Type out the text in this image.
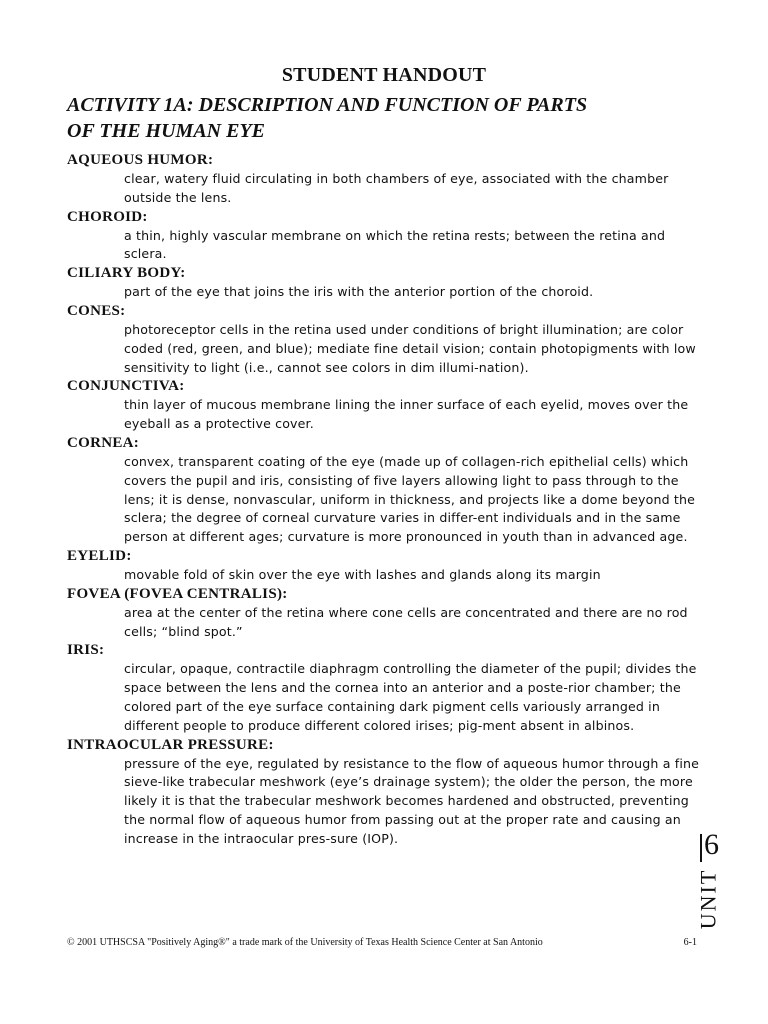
STUDENT HANDOUT
ACTIVITY 1A: DESCRIPTION AND FUNCTION OF PARTS
OF THE HUMAN EYE

AQUEOUS HUMOR:

clear, watery fluid circulating in both chambers of eye, associated with the chamber outside the lens.

CHOROID:

a thin, highly vascular membrane on which the retina rests; between the retina and sclera.

CILIARY BODY:

part of the eye that joins the iris with the anterior portion of the choroid.

CONES:

photoreceptor cells in the retina used under conditions of bright illumination; are color coded (red, green, and blue); mediate fine detail vision; contain photopigments with low sensitivity to light (i.e., cannot see colors in dim illumi-nation).

CONJUNCTIVA:

thin layer of mucous membrane lining the inner surface of each eyelid, moves over the eyeball as a protective cover.

CORNEA:

convex, transparent coating of the eye (made up of collagen-rich epithelial cells) which covers the pupil and iris, consisting of five layers allowing light to pass through to the lens; it is dense, nonvascular, uniform in thickness, and projects like a dome beyond the sclera; the degree of corneal curvature varies in differ-ent individuals and in the same person at different ages; curvature is more pronounced in youth than in advanced age.

EYELID:

movable fold of skin over the eye with lashes and glands along its margin

FOVEA (FOVEA CENTRALIS):

area at the center of the retina where cone cells are concentrated and there are no rod cells; “blind spot.”

IRIS:

circular, opaque, contractile diaphragm controlling the diameter of the pupil; divides the space between the lens and the cornea into an anterior and a poste-rior chamber; the colored part of the eye surface containing dark pigment cells variously arranged in different people to produce different colored irises; pig-ment absent in albinos.

INTRAOCULAR PRESSURE:

pressure of the eye, regulated by resistance to the flow of aqueous humor through a fine sieve-like trabecular meshwork (eye’s drainage system); the older the person, the more likely it is that the trabecular meshwork becomes hardened and obstructed, preventing the normal flow of aqueous humor from passing out at the proper rate and causing an increase in the intraocular pres-sure (IOP).	6
UNIT
© 2001 UTHSCSA "Positively Aging®" a trade mark of the University of Texas Health Science Center at San Antonio	6-1
